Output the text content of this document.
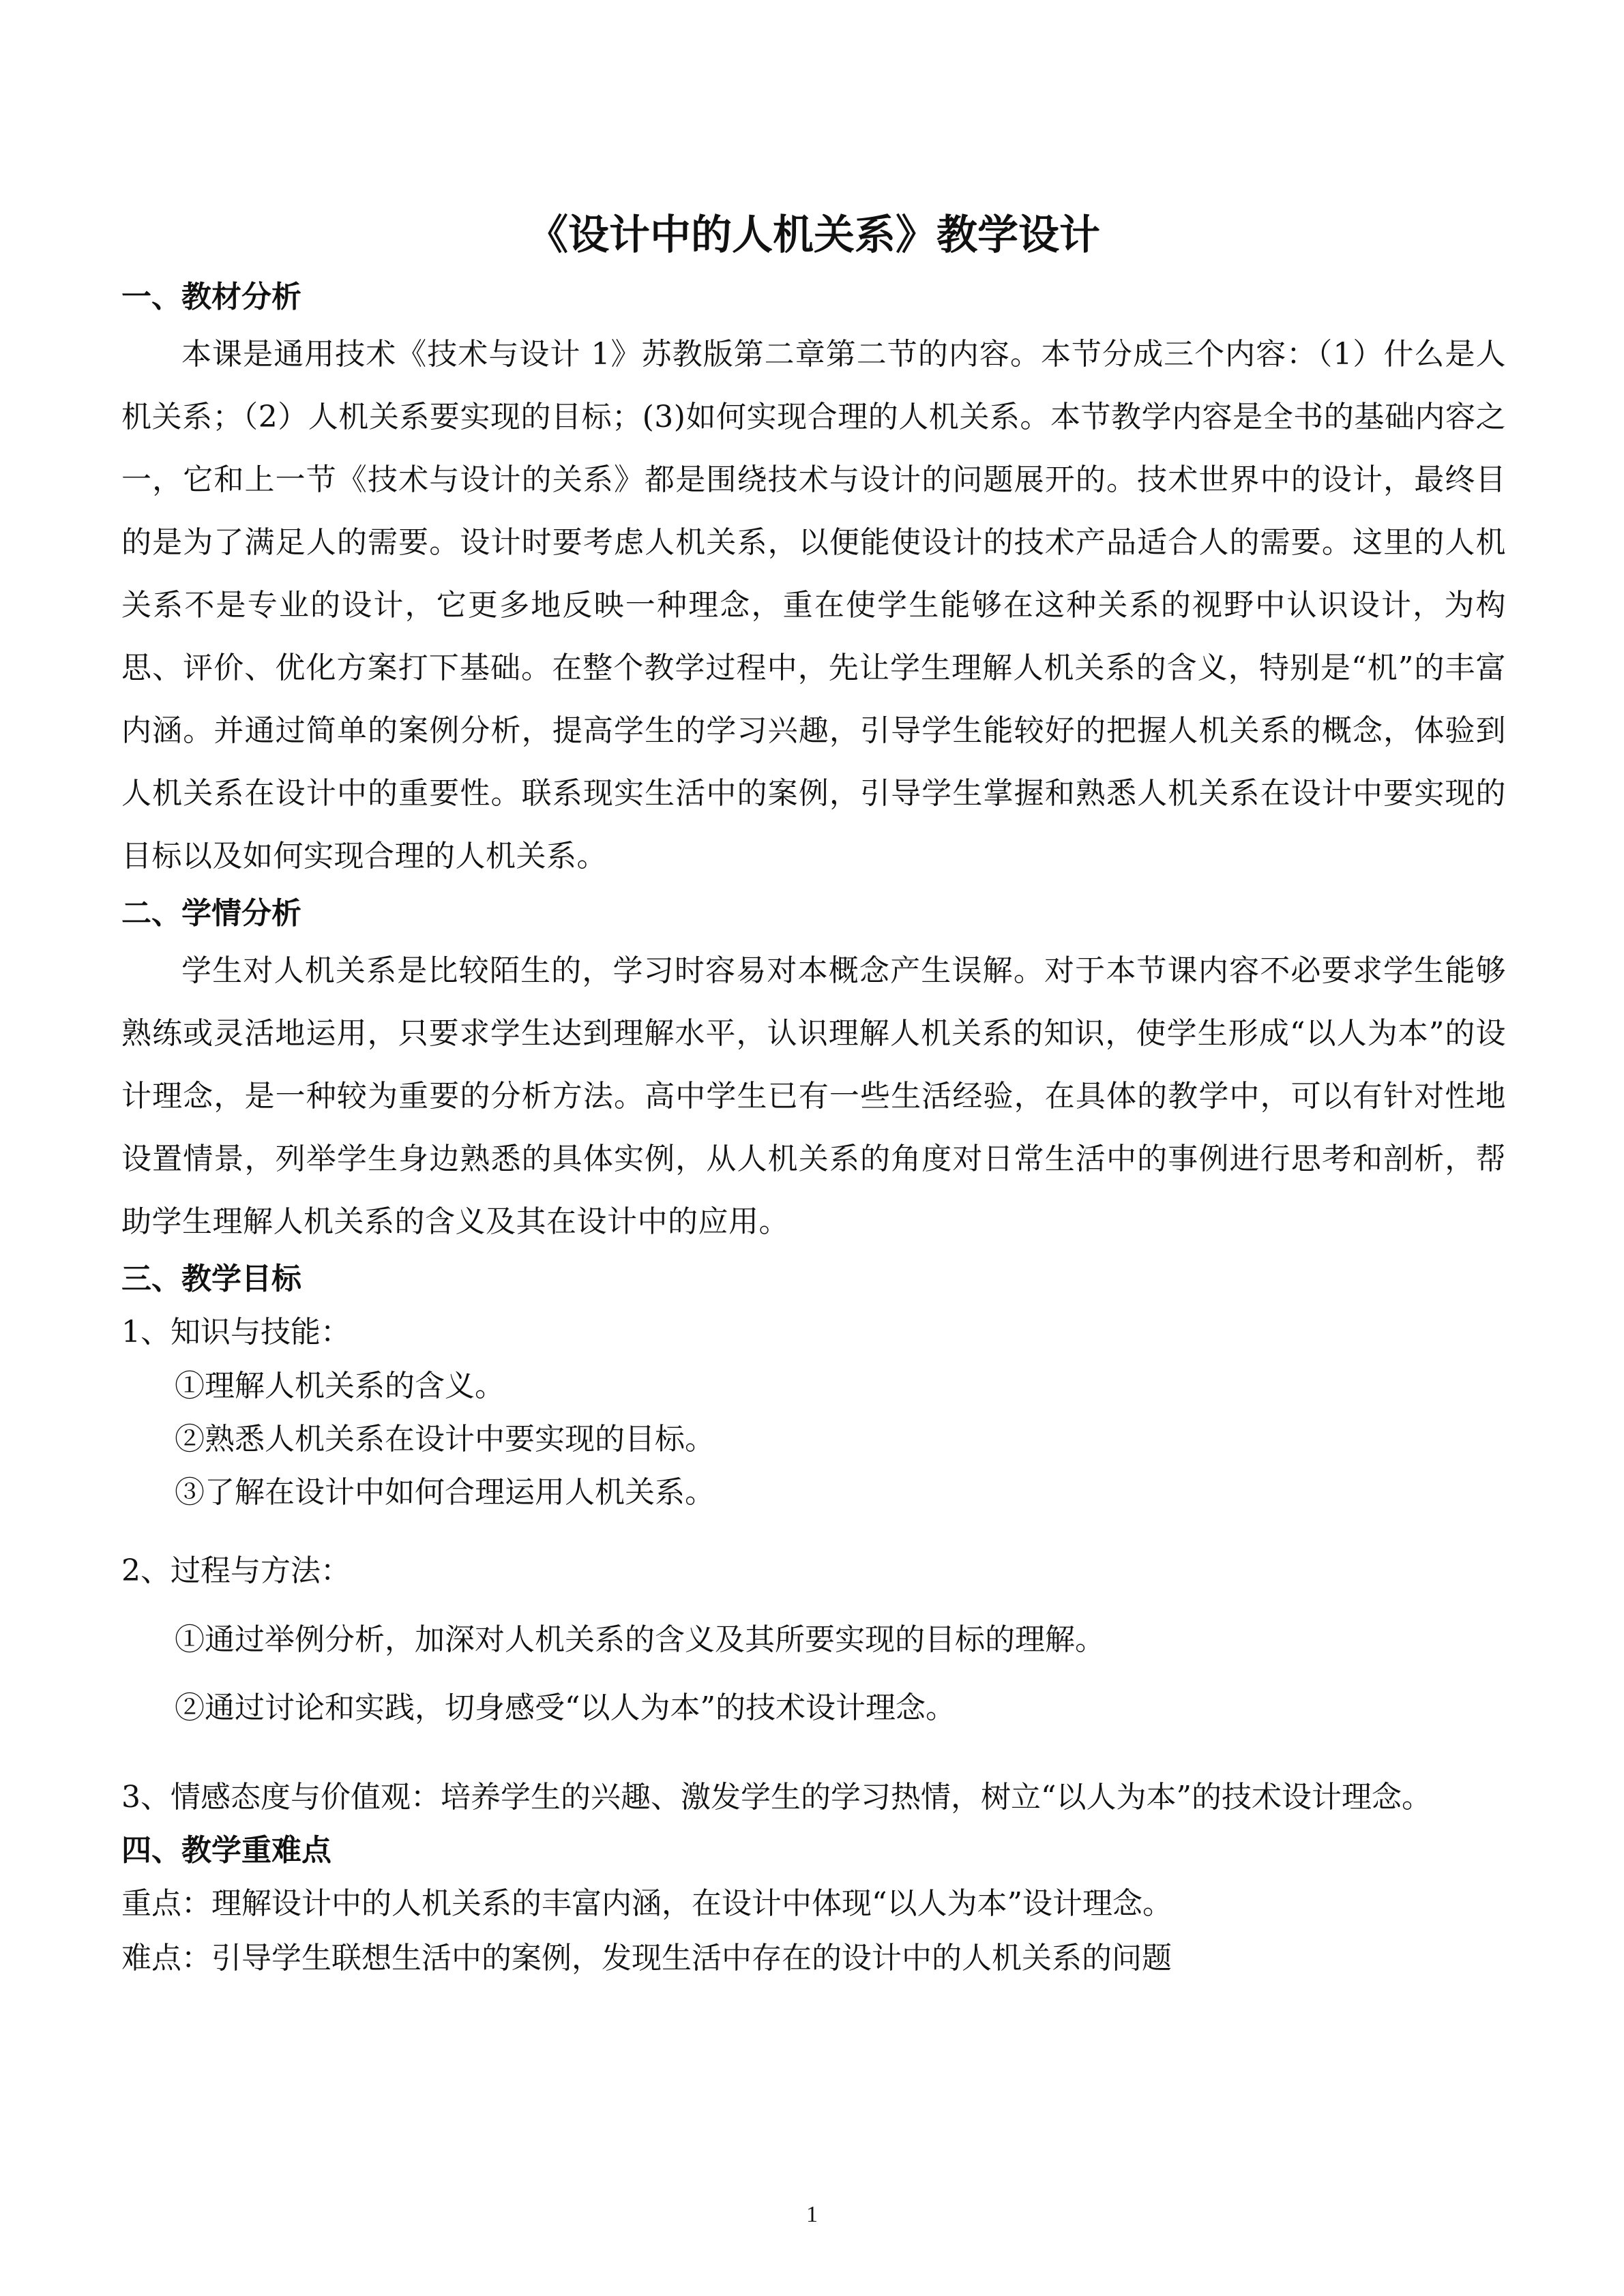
《设计中的人机关系》教学设计
一、教材分析

本课是通用技术《技术与设计 1》苏教版第二章第二节的内容。本节分成三个内容：（1）什么是人机关系；（2）人机关系要实现的目标；(3)如何实现合理的人机关系。本节教学内容是全书的基础内容之一，它和上一节《技术与设计的关系》都是围绕技术与设计的问题展开的。技术世界中的设计，最终目的是为了满足人的需要。设计时要考虑人机关系，以便能使设计的技术产品适合人的需要。这里的人机关系不是专业的设计，它更多地反映一种理念，重在使学生能够在这种关系的视野中认识设计，为构思、评价、优化方案打下基础。在整个教学过程中，先让学生理解人机关系的含义，特别是“机”的丰富内涵。并通过简单的案例分析，提高学生的学习兴趣，引导学生能较好的把握人机关系的概念，体验到人机关系在设计中的重要性。联系现实生活中的案例，引导学生掌握和熟悉人机关系在设计中要实现的目标以及如何实现合理的人机关系。

二、学情分析

学生对人机关系是比较陌生的，学习时容易对本概念产生误解。对于本节课内容不必要求学生能够熟练或灵活地运用，只要求学生达到理解水平，认识理解人机关系的知识，使学生形成“以人为本”的设计理念，是一种较为重要的分析方法。高中学生已有一些生活经验，在具体的教学中，可以有针对性地设置情景，列举学生身边熟悉的具体实例，从人机关系的角度对日常生活中的事例进行思考和剖析，帮助学生理解人机关系的含义及其在设计中的应用。

三、教学目标

1、知识与技能：

①理解人机关系的含义。

②熟悉人机关系在设计中要实现的目标。

③了解在设计中如何合理运用人机关系。

2、过程与方法：

①通过举例分析，加深对人机关系的含义及其所要实现的目标的理解。

②通过讨论和实践，切身感受“以人为本”的技术设计理念。

3、情感态度与价值观：培养学生的兴趣、激发学生的学习热情，树立“以人为本”的技术设计理念。

四、教学重难点

重点：理解设计中的人机关系的丰富内涵，在设计中体现“以人为本”设计理念。

难点：引导学生联想生活中的案例，发现生活中存在的设计中的人机关系的问题

1
